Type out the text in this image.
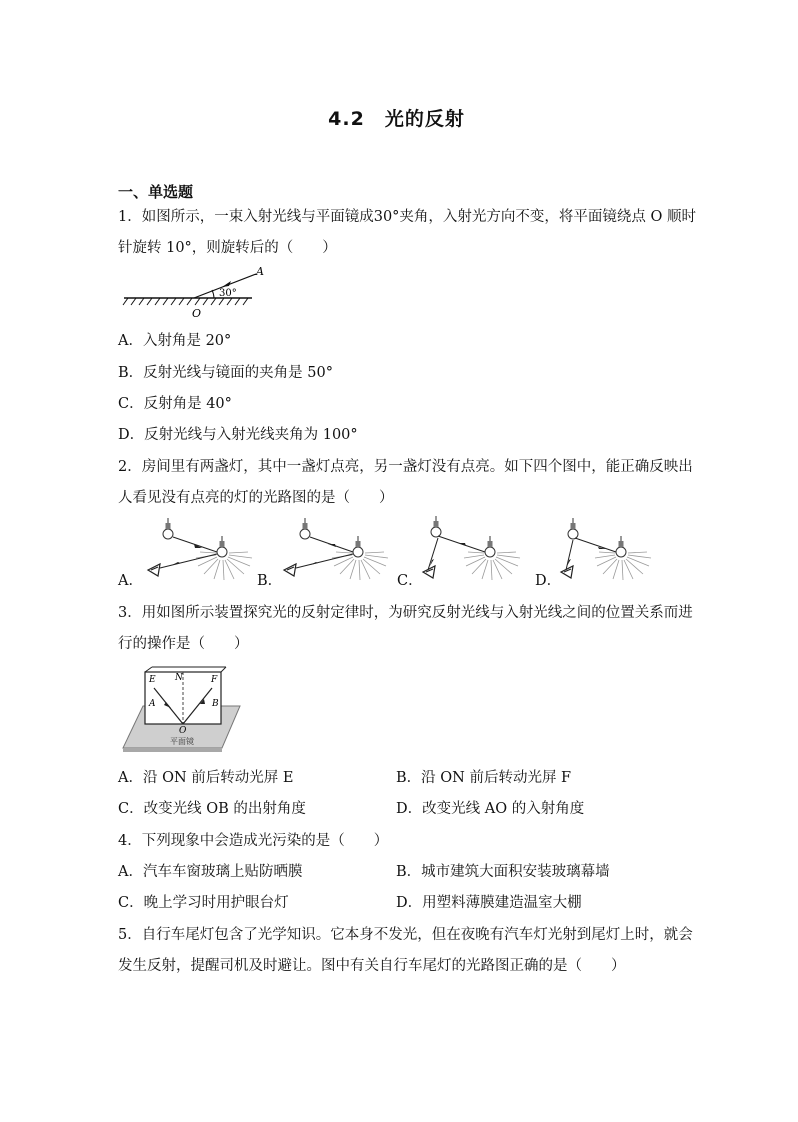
4.2　光的反射
一、单选题
1．如图所示，一束入射光线与平面镜成30°夹角，入射光方向不变，将平面镜绕点 O 顺时
针旋转 10°，则旋转后的（　　）
A
O
30°
A．入射角是 20°
B．反射光线与镜面的夹角是 50°
C．反射角是 40°
D．反射光线与入射光线夹角为 100°
2．房间里有两盏灯，其中一盏灯点亮，另一盏灯没有点亮。如下四个图中，能正确反映出
人看见没有点亮的灯的光路图的是（　　）
A．	B．	C．	D．
3．用如图所示装置探究光的反射定律时，为研究反射光线与入射光线之间的位置关系而进
行的操作是（　　）
E N	F
A	B
O
平面镜
A．沿 ON 前后转动光屏 E	B．沿 ON 前后转动光屏 F
C．改变光线 OB 的出射角度	D．改变光线 AO 的入射角度
4．下列现象中会造成光污染的是（　　）
A．汽车车窗玻璃上贴防晒膜	B．城市建筑大面积安装玻璃幕墙
C．晚上学习时用护眼台灯	D．用塑料薄膜建造温室大棚
5．自行车尾灯包含了光学知识。它本身不发光，但在夜晚有汽车灯光射到尾灯上时，就会
发生反射，提醒司机及时避让。图中有关自行车尾灯的光路图正确的是（　　）
